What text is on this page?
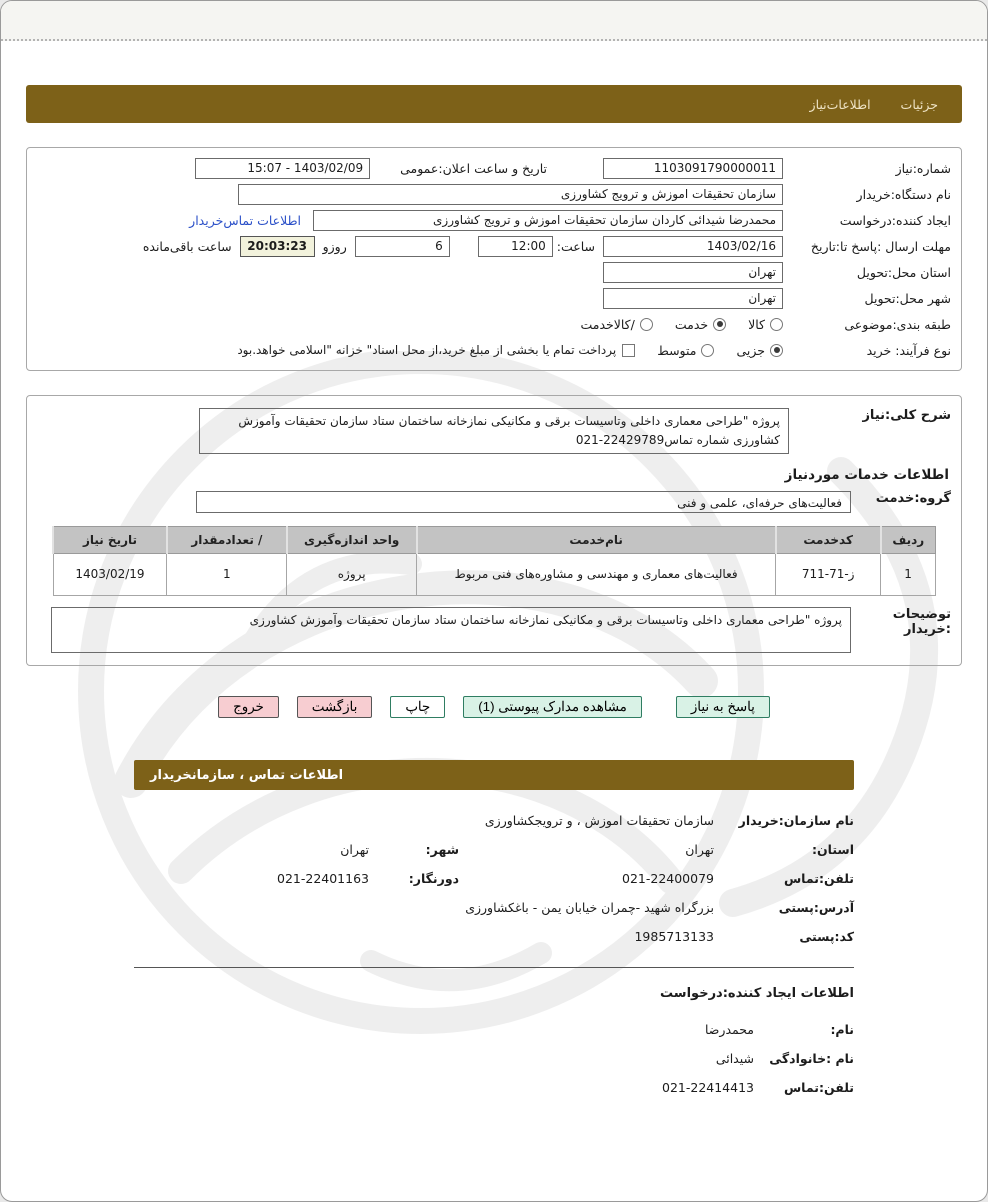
جزئیات
اطلاعات‌نیاز
شماره:نیاز
1103091790000011
تاریخ و ساعت اعلان:عمومی
15:07 - 1403/02/09
نام دستگاه:خریدار
سازمان تحقیقات اموزش و ترویج کشاورزی
ایجاد کننده:درخواست
محمدرضا شیدائی کاردان سازمان تحقیقات اموزش و ترویج کشاورزی
اطلاعات تماس‌خریدار
مهلت ارسال :پاسخ تا:تاریخ
1403/02/16
ساعت:
12:00
6
روزو
20:03:23
ساعت باقی‌مانده
استان محل:تحویل
تهران
شهر محل:تحویل
تهران
طبقه بندی:موضوعی
کالا
خدمت
/کالاخدمت
نوع فرآیند: خرید
جزیی
متوسط
پرداخت تمام یا بخشی از مبلغ خرید،از محل اسناد" خزانه "اسلامی خواهد.بود
شرح کلی:نیاز
پروژه "طراحی معماری داخلی وتاسیسات برقی و مکانیکی نمازخانه ساختمان ستاد سازمان تحقیقات وآموزش کشاورزی شماره تماس22429789-021
اطلاعات خدمات موردنیاز
گروه:خدمت
فعالیت‌های حرفه‌ای، علمی و فنی
ردیف	کدخدمت	نام‌خدمت	واحد اندازه‌گیری	/ تعدادمقدار	تاریخ نیاز
1	ز-71-711	فعالیت‌های معماری و مهندسی و مشاوره‌های فنی مربوط	پروژه	1	1403/02/19
توضیحات :خریدار
پروژه "طراحی معماری داخلی وتاسیسات برقی و مکانیکی نمازخانه ساختمان ستاد سازمان تحقیقات وآموزش کشاورزی
پاسخ به نیاز
مشاهده مدارک پیوستی (1)
چاپ
بازگشت
خروج
اطلاعات تماس ، سازمانخریدار
نام سازمان:خریدار
سازمان تحقیقات اموزش ، و ترویجکشاورزی
استان:
تهران
شهر:
تهران
تلفن:تماس
021-22400079
دورنگار:
021-22401163
آدرس:پستی
بزرگراه شهید -چمران خیابان یمن - باغکشاورزی
کد:پستی
1985713133
اطلاعات ایجاد کننده:درخواست
نام:
محمدرضا
نام :خانوادگی
شیدائی
تلفن:تماس
021-22414413
